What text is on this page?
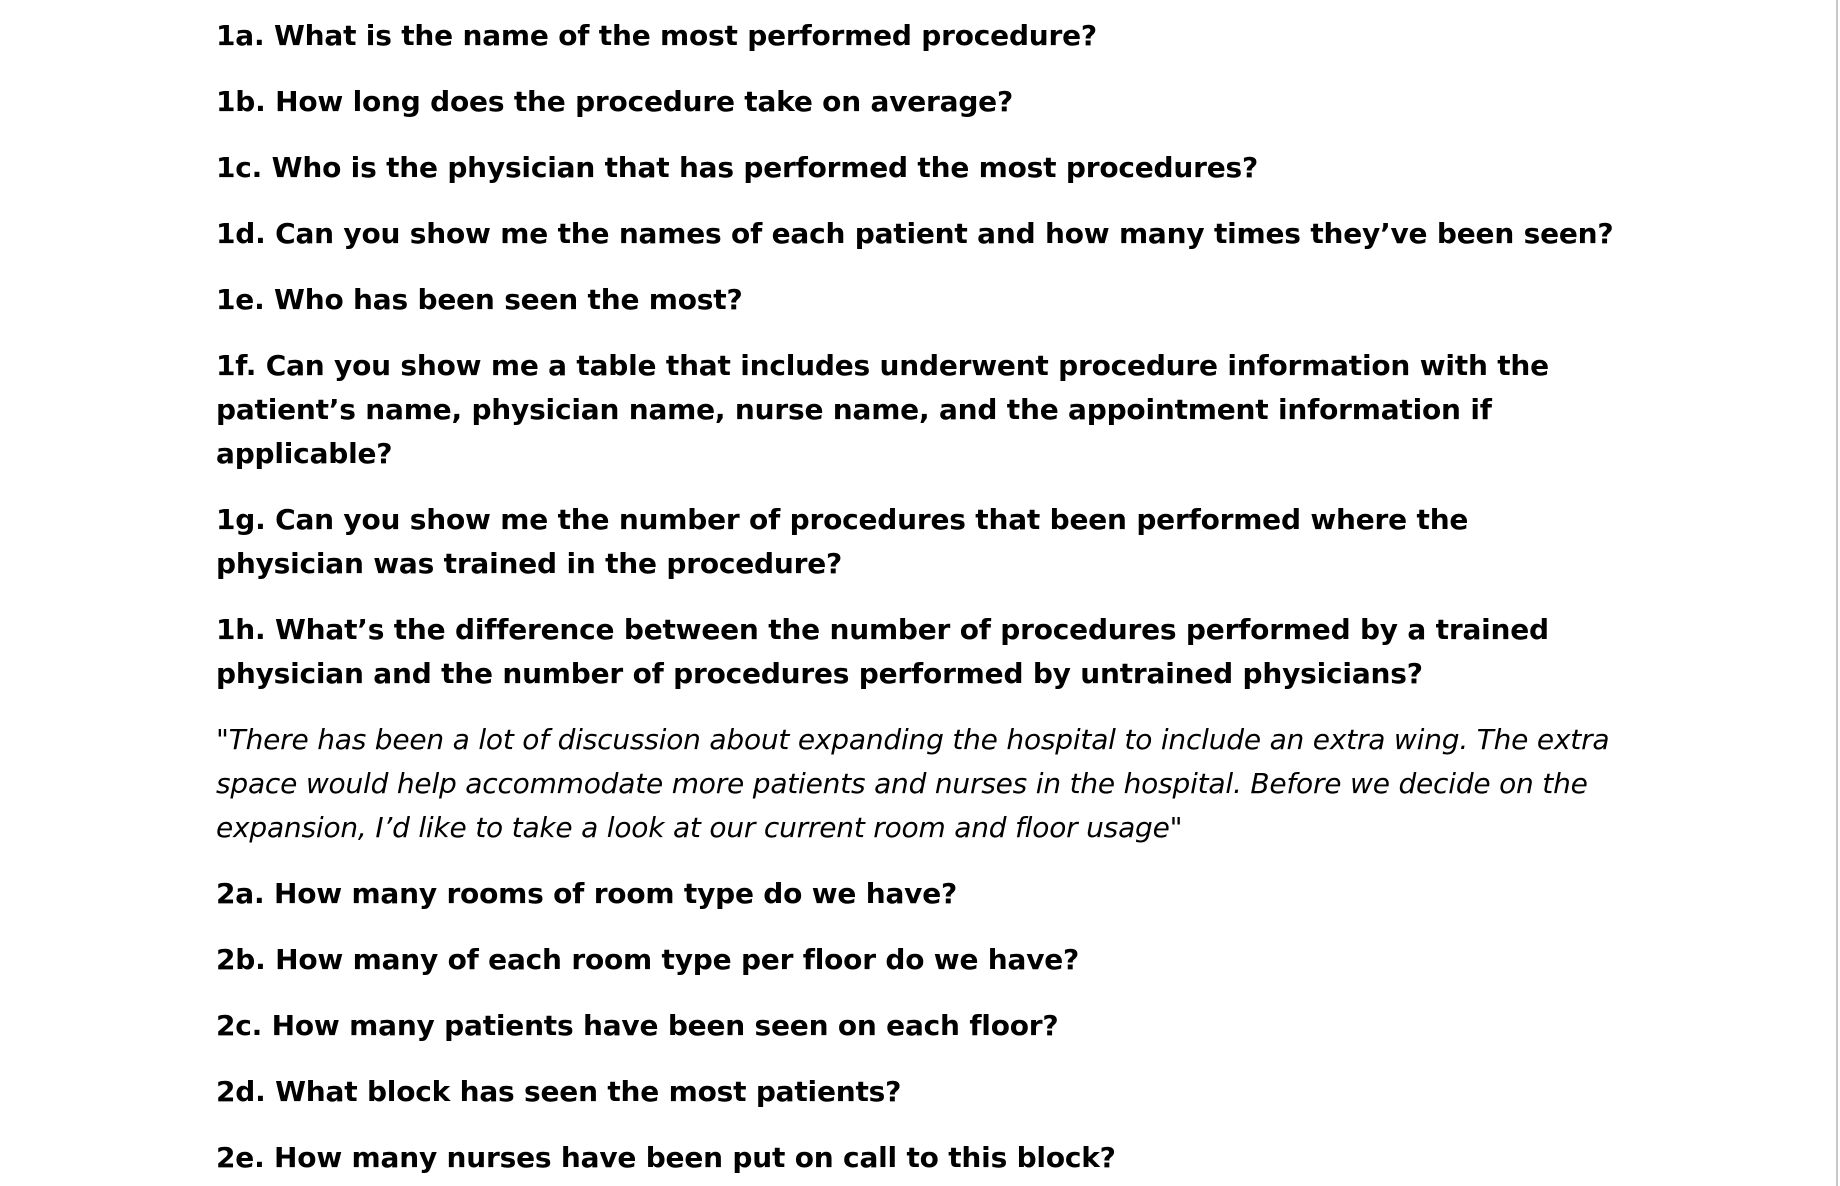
1a. What is the name of the most performed procedure?

1b. How long does the procedure take on average?

1c. Who is the physician that has performed the most procedures?

1d. Can you show me the names of each patient and how many times they’ve been seen?

1e. Who has been seen the most?

1f. Can you show me a table that includes underwent procedure information with the patient’s name, physician name, nurse name, and the appointment information if applicable?

1g. Can you show me the number of procedures that been performed where the physician was trained in the procedure?

1h. What’s the difference between the number of procedures performed by a trained physician and the number of procedures performed by untrained physicians?

"There has been a lot of discussion about expanding the hospital to include an extra wing. The extra space would help accommodate more patients and nurses in the hospital. Before we decide on the expansion, I’d like to take a look at our current room and floor usage"

2a. How many rooms of room type do we have?

2b. How many of each room type per floor do we have?

2c. How many patients have been seen on each floor?

2d. What block has seen the most patients?

2e. How many nurses have been put on call to this block?
